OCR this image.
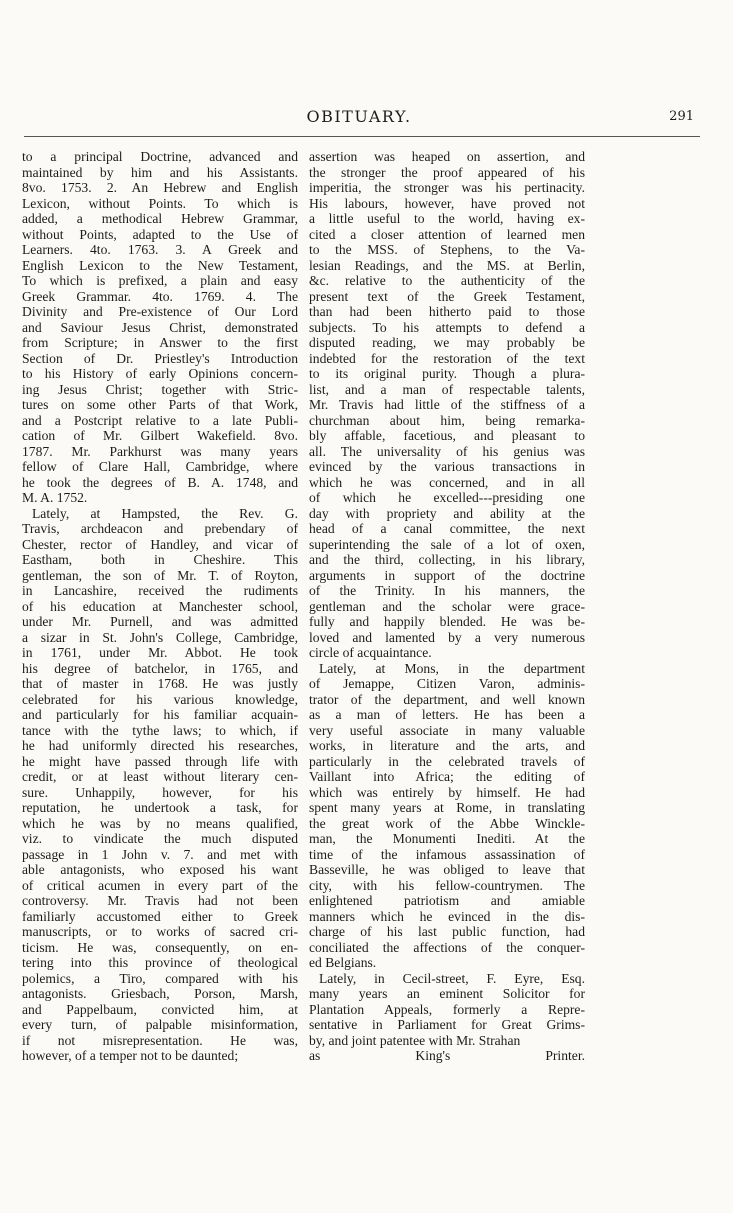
OBITUARY.	291
to a principal Doctrine, advanced and
maintained by him and his Assistants.
8vo. 1753. 2. An Hebrew and English
Lexicon, without Points. To which is
added, a methodical Hebrew Grammar,
without Points, adapted to the Use of
Learners. 4to. 1763. 3. A Greek and
English Lexicon to the New Testament,
To which is prefixed, a plain and easy
Greek Grammar. 4to. 1769. 4. The
Divinity and Pre-existence of Our Lord
and Saviour Jesus Christ, demonstrated
from Scripture; in Answer to the first
Section of Dr. Priestley's Introduction
to his History of early Opinions concern-
ing Jesus Christ; together with Stric-
tures on some other Parts of that Work,
and a Postcript relative to a late Publi-
cation of Mr. Gilbert Wakefield. 8vo.
1787. Mr. Parkhurst was many years
fellow of Clare Hall, Cambridge, where
he took the degrees of B. A. 1748, and
M. A. 1752.
Lately, at Hampsted, the Rev. G.
Travis, archdeacon and prebendary of
Chester, rector of Handley, and vicar of
Eastham, both in Cheshire. This
gentleman, the son of Mr. T. of Royton,
in Lancashire, received the rudiments
of his education at Manchester school,
under Mr. Purnell, and was admitted
a sizar in St. John's College, Cambridge,
in 1761, under Mr. Abbot. He took
his degree of batchelor, in 1765, and
that of master in 1768. He was justly
celebrated for his various knowledge,
and particularly for his familiar acquain-
tance with the tythe laws; to which, if
he had uniformly directed his researches,
he might have passed through life with
credit, or at least without literary cen-
sure. Unhappily, however, for his
reputation, he undertook a task, for
which he was by no means qualified,
viz. to vindicate the much disputed
passage in 1 John v. 7. and met with
able antagonists, who exposed his want
of critical acumen in every part of the
controversy. Mr. Travis had not been
familiarly accustomed either to Greek
manuscripts, or to works of sacred cri-
ticism. He was, consequently, on en-
tering into this province of theological
polemics, a Tiro, compared with his
antagonists. Griesbach, Porson, Marsh,
and Pappelbaum, convicted him, at
every turn, of palpable misinformation,
if not misrepresentation. He was,
however, of a temper not to be daunted;
assertion was heaped on assertion, and
the stronger the proof appeared of his
imperitia, the stronger was his pertinacity.
His labours, however, have proved not
a little useful to the world, having ex-
cited a closer attention of learned men
to the MSS. of Stephens, to the Va-
lesian Readings, and the MS. at Berlin,
&c. relative to the authenticity of the
present text of the Greek Testament,
than had been hitherto paid to those
subjects. To his attempts to defend a
disputed reading, we may probably be
indebted for the restoration of the text
to its original purity. Though a plura-
list, and a man of respectable talents,
Mr. Travis had little of the stiffness of a
churchman about him, being remarka-
bly affable, facetious, and pleasant to
all. The universality of his genius was
evinced by the various transactions in
which he was concerned, and in all
of which he excelled---presiding one
day with propriety and ability at the
head of a canal committee, the next
superintending the sale of a lot of oxen,
and the third, collecting, in his library,
arguments in support of the doctrine
of the Trinity. In his manners, the
gentleman and the scholar were grace-
fully and happily blended. He was be-
loved and lamented by a very numerous
circle of acquaintance.
Lately, at Mons, in the department
of Jemappe, Citizen Varon, adminis-
trator of the department, and well known
as a man of letters. He has been a
very useful associate in many valuable
works, in literature and the arts, and
particularly in the celebrated travels of
Vaillant into Africa; the editing of
which was entirely by himself. He had
spent many years at Rome, in translating
the great work of the Abbe Winckle-
man, the Monumenti Inediti. At the
time of the infamous assassination of
Basseville, he was obliged to leave that
city, with his fellow-countrymen. The
enlightened patriotism and amiable
manners which he evinced in the dis-
charge of his last public function, had
conciliated the affections of the conquer-
ed Belgians.
Lately, in Cecil-street, F. Eyre, Esq.
many years an eminent Solicitor for
Plantation Appeals, formerly a Repre-
sentative in Parliament for Great Grims-
by, and joint patentee with Mr. Strahan
as King's Printer.
